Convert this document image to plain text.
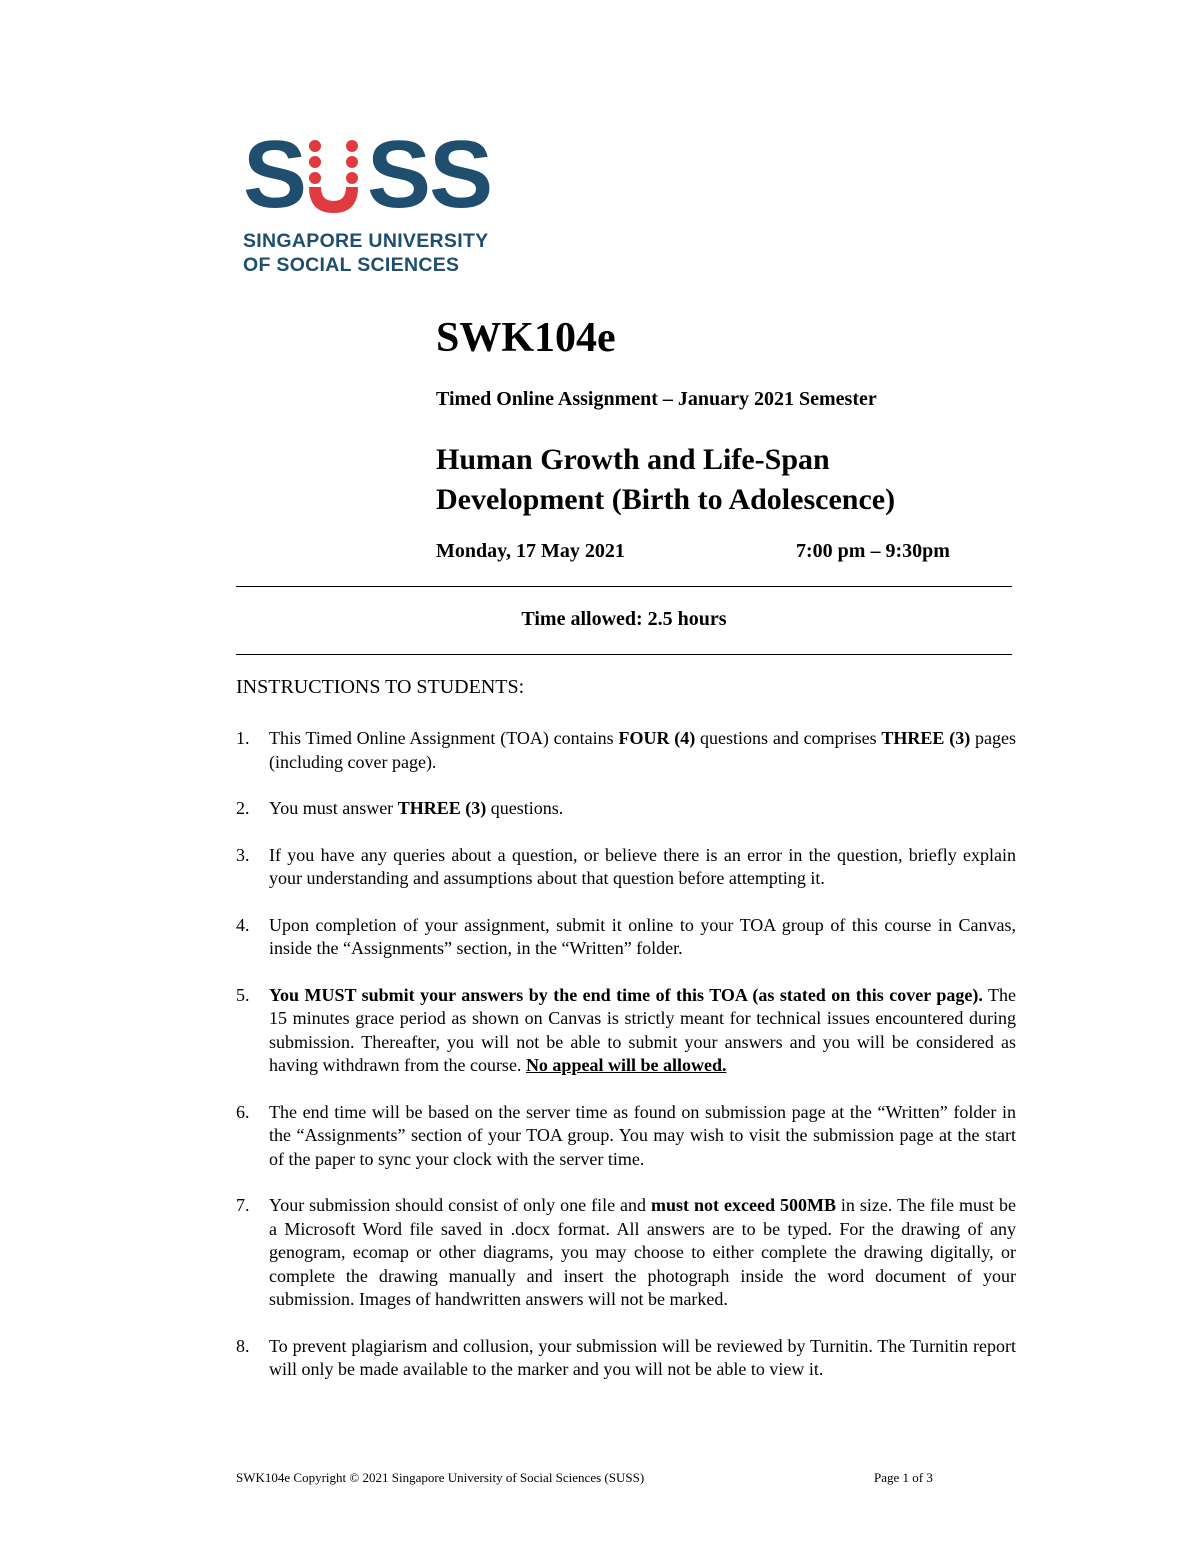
S S S
SINGAPORE UNIVERSITY
OF SOCIAL SCIENCES
SWK104e
Timed Online Assignment – January 2021 Semester
Human Growth and Life-Span
Development (Birth to Adolescence)
Monday, 17 May 2021	7:00 pm – 9:30pm
Time allowed: 2.5 hours
INSTRUCTIONS TO STUDENTS:
1. This Timed Online Assignment (TOA) contains FOUR (4) questions and comprises THREE (3) pages (including cover page).
2. You must answer THREE (3) questions.
3. If you have any queries about a question, or believe there is an error in the question, briefly explain your understanding and assumptions about that question before attempting it.
4. Upon completion of your assignment, submit it online to your TOA group of this course in Canvas, inside the “Assignments” section, in the “Written” folder.
5. You MUST submit your answers by the end time of this TOA (as stated on this cover page). The 15 minutes grace period as shown on Canvas is strictly meant for technical issues encountered during submission. Thereafter, you will not be able to submit your answers and you will be considered as having withdrawn from the course. No appeal will be allowed.
6. The end time will be based on the server time as found on submission page at the “Written” folder in the “Assignments” section of your TOA group. You may wish to visit the submission page at the start of the paper to sync your clock with the server time.
7. Your submission should consist of only one file and must not exceed 500MB in size. The file must be a Microsoft Word file saved in .docx format. All answers are to be typed. For the drawing of any genogram, ecomap or other diagrams, you may choose to either complete the drawing digitally, or complete the drawing manually and insert the photograph inside the word document of your submission. Images of handwritten answers will not be marked.
8. To prevent plagiarism and collusion, your submission will be reviewed by Turnitin. The Turnitin report will only be made available to the marker and you will not be able to view it.
SWK104e Copyright © 2021 Singapore University of Social Sciences (SUSS)	Page 1 of 3
